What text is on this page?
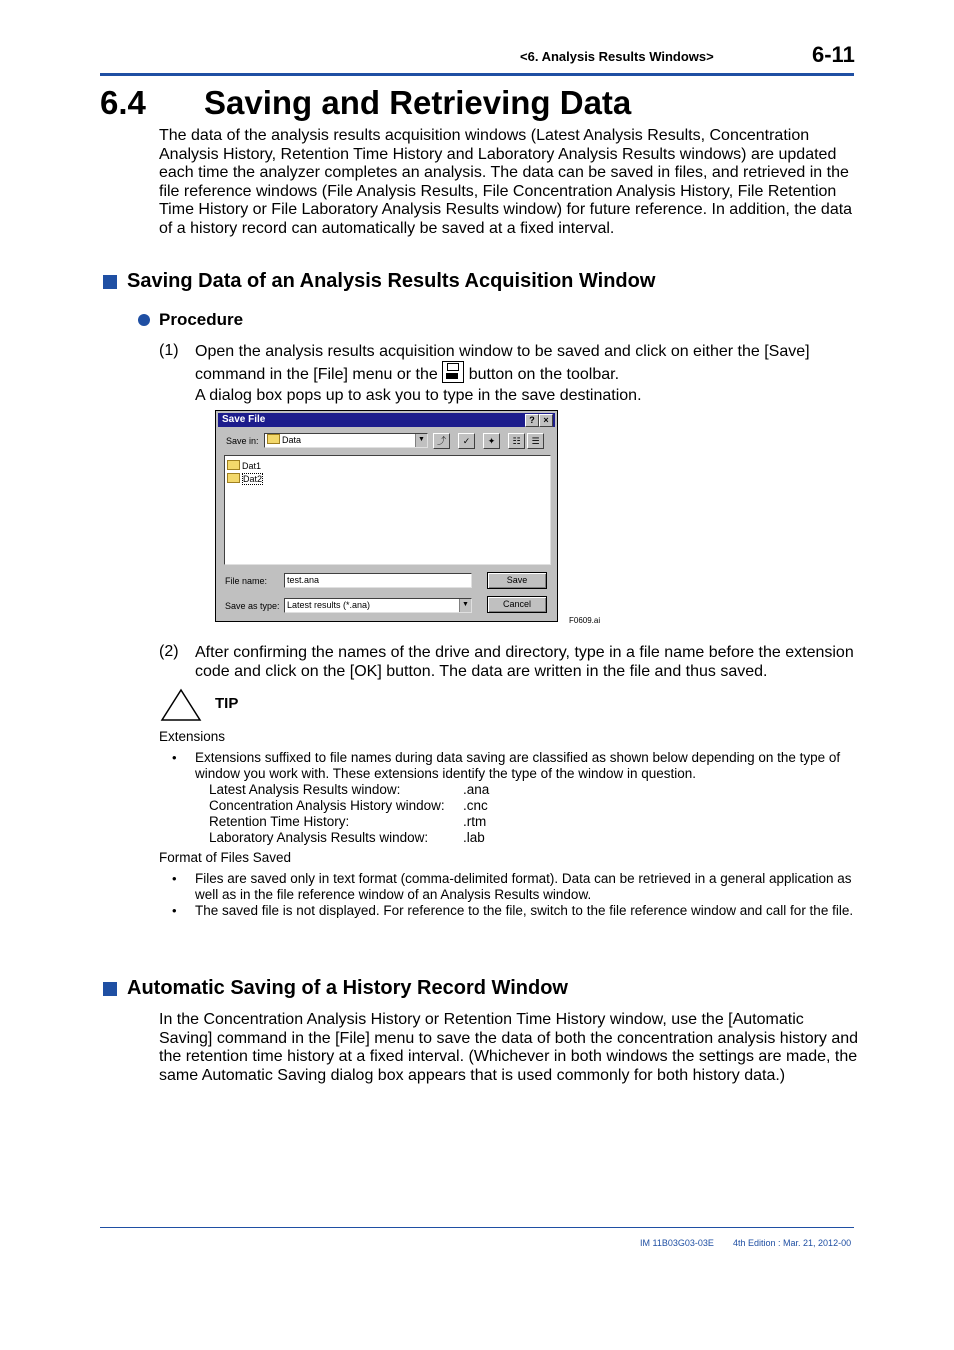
<6. Analysis Results Windows>	6-11
6.4 Saving and Retrieving Data
The data of the analysis results acquisition windows (Latest Analysis Results, Concentration Analysis History, Retention Time History and Laboratory Analysis Results windows) are updated each time the analyzer completes an analysis. The data can be saved in files, and retrieved in the file reference windows (File Analysis Results, File Concentration Analysis History, File Retention Time History or File Laboratory Analysis Results window) for future reference. In addition, the data of a history record can automatically be saved at a fixed interval.
Saving Data of an Analysis Results Acquisition Window
Procedure
(1) Open the analysis results acquisition window to be saved and click on either the [Save] command in the [File] menu or the button on the toolbar.
A dialog box pops up to ask you to type in the save destination.
Save File	? ×
Save in:	Data	▼	⤴	✓	✦	☷	☰
Dat1
Dat2
File name:	test.ana
Save as type: Latest results (*.ana)	▼
Save
Cancel
F0609.ai
(2) After confirming the names of the drive and directory, type in a file name before the extension code and click on the [OK] button. The data are written in the file and thus saved.
TIP
Extensions
• Extensions suffixed to file names during data saving are classified as shown below depending on the type of window you work with. These extensions identify the type of the window in question.
Latest Analysis Results window:	.ana
Concentration Analysis History window: .cnc
Retention Time History:	.rtm
Laboratory Analysis Results window:	.lab
Format of Files Saved
• Files are saved only in text format (comma-delimited format). Data can be retrieved in a general application as well as in the file reference window of an Analysis Results window.
• The saved file is not displayed. For reference to the file, switch to the file reference window and call for the file.
Automatic Saving of a History Record Window
In the Concentration Analysis History or Retention Time History window, use the [Automatic Saving] command in the [File] menu to save the data of both the concentration analysis history and the retention time history at a fixed interval. (Whichever in both windows the settings are made, the same Automatic Saving dialog box appears that is used commonly for both history data.)
IM 11B03G03-03E 4th Edition : Mar. 21, 2012-00
